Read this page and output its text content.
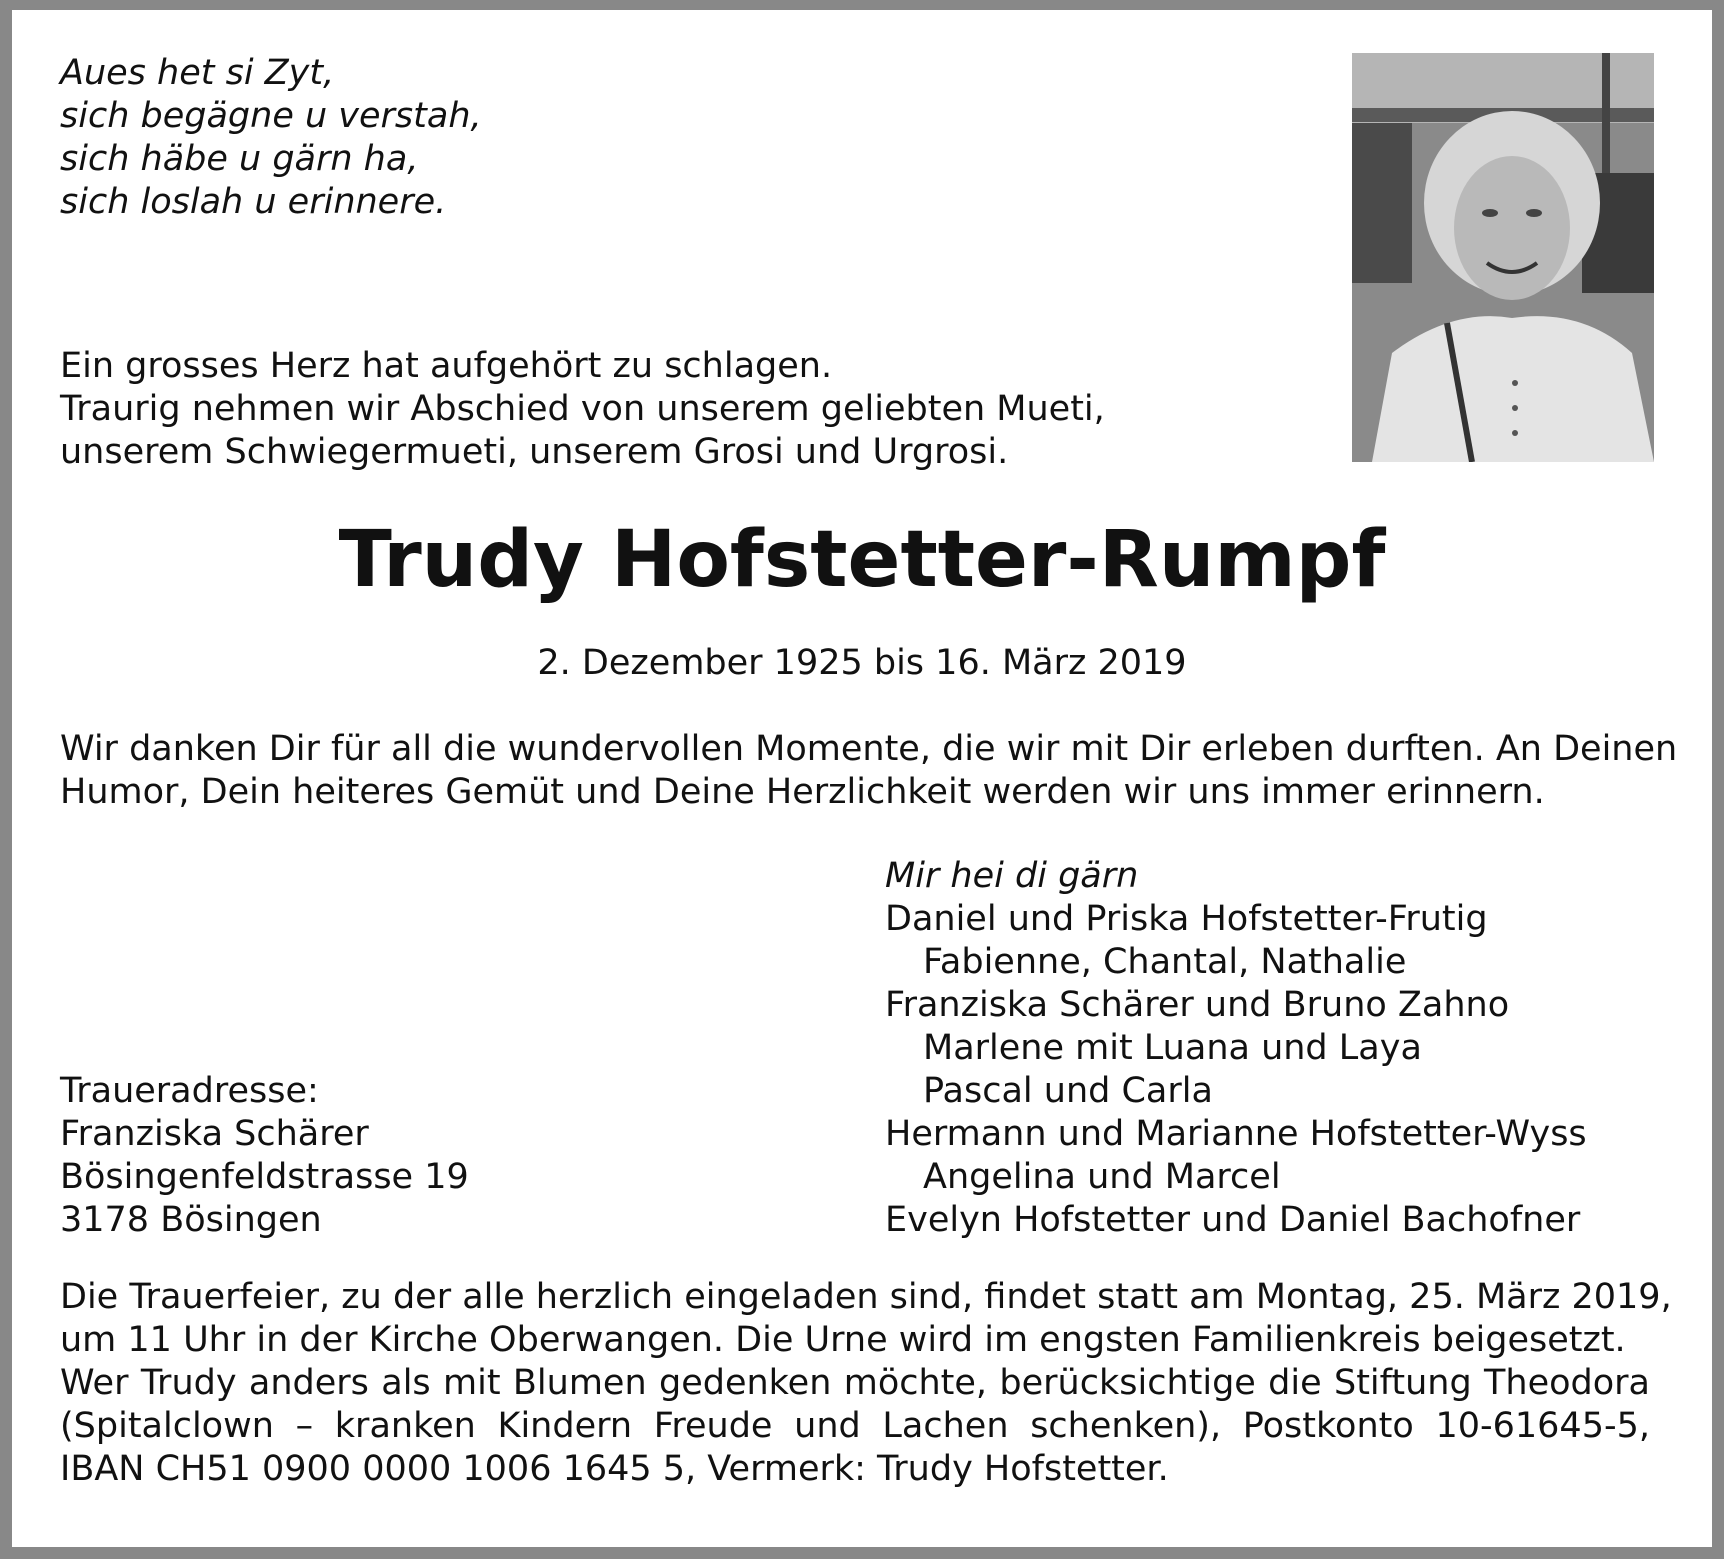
Aues het si Zyt,
sich begägne u verstah,
sich häbe u gärn ha,
sich loslah u erinnere.
Ein grosses Herz hat aufgehört zu schlagen.
Traurig nehmen wir Abschied von unserem geliebten Mueti,
unserem Schwiegermueti, unserem Grosi und Urgrosi.
Trudy Hofstetter-Rumpf

2. Dezember 1925 bis 16. März 2019

Wir danken Dir für all die wundervollen Momente, die wir mit Dir erleben durften. An Deinen
Humor, Dein heiteres Gemüt und Deine Herzlichkeit werden wir uns immer erinnern.
Mir hei di gärn
Daniel und Priska Hofstetter-Frutig
Fabienne, Chantal, Nathalie
Franziska Schärer und Bruno Zahno
Marlene mit Luana und Laya
Pascal und Carla
Hermann und Marianne Hofstetter-Wyss
Angelina und Marcel
Evelyn Hofstetter und Daniel Bachofner
Traueradresse:
Franziska Schärer
Bösingenfeldstrasse 19
3178 Bösingen
Die Trauerfeier, zu der alle herzlich eingeladen sind, findet statt am Montag, 25. März 2019,
um 11 Uhr in der Kirche Oberwangen. Die Urne wird im engsten Familienkreis beigesetzt.
Wer Trudy anders als mit Blumen gedenken möchte, berücksichtige die Stiftung Theodora
(Spitalclown – kranken Kindern Freude und Lachen schenken), Postkonto 10-61645-5,
IBAN CH51 0900 0000 1006 1645 5, Vermerk: Trudy Hofstetter.
